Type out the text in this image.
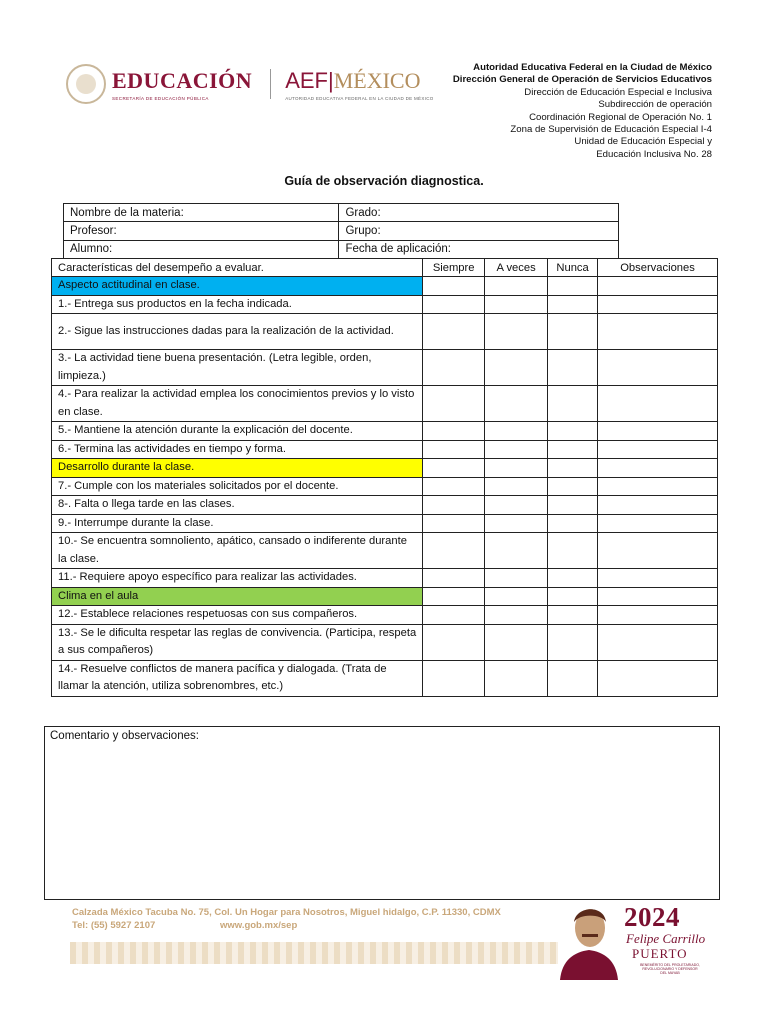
EDUCACIÓN
SECRETARÍA DE EDUCACIÓN PÚBLICA
AEF|MÉXICO
AUTORIDAD EDUCATIVA FEDERAL EN LA CIUDAD DE MÉXICO
Autoridad Educativa Federal en la Ciudad de México
Dirección General de Operación de Servicios Educativos
Dirección de Educación Especial e Inclusiva
Subdirección de operación
Coordinación Regional de Operación No. 1
Zona de Supervisión de Educación Especial I-4
Unidad de Educación Especial y
Educación Inclusiva No. 28
Guía de observación diagnostica.
Nombre de la materia:	Grado:
Profesor:	Grupo:
Alumno:	Fecha de aplicación:
Características del desempeño a evaluar.	Siempre	A veces	Nunca	Observaciones
Aspecto actitudinal en clase.				
1.- Entrega sus productos en la fecha indicada.				
2.- Sigue las instrucciones dadas para la realización de la actividad.				
3.- La actividad tiene buena presentación. (Letra legible, orden, limpieza.)				
4.- Para realizar la actividad emplea los conocimientos previos y lo visto en clase.				
5.- Mantiene la atención durante la explicación del docente.				
6.- Termina las actividades en tiempo y forma.				
Desarrollo durante la clase.				
7.- Cumple con los materiales solicitados por el docente.				
8-. Falta o llega tarde en las clases.				
9.- Interrumpe durante la clase.				
10.- Se encuentra somnoliento, apático, cansado o indiferente durante la clase.				
11.- Requiere apoyo específico para realizar las actividades.				
Clima en el aula				
12.- Establece relaciones respetuosas con sus compañeros.				
13.- Se le dificulta respetar las reglas de convivencia. (Participa, respeta a sus compañeros)				
14.- Resuelve conflictos de manera pacífica y dialogada. (Trata de llamar la atención, utiliza sobrenombres, etc.)				
Comentario y observaciones:
Calzada México Tacuba No. 75, Col. Un Hogar para Nosotros, Miguel hidalgo, C.P. 11330, CDMX
Tel: (55) 5927 2107	www.gob.mx/sep	2024
Felipe Carrillo
PUERTO
BENEMÉRITO DEL PROLETARIADO, REVOLUCIONARIO Y DEFENSOR DEL MAYAB
